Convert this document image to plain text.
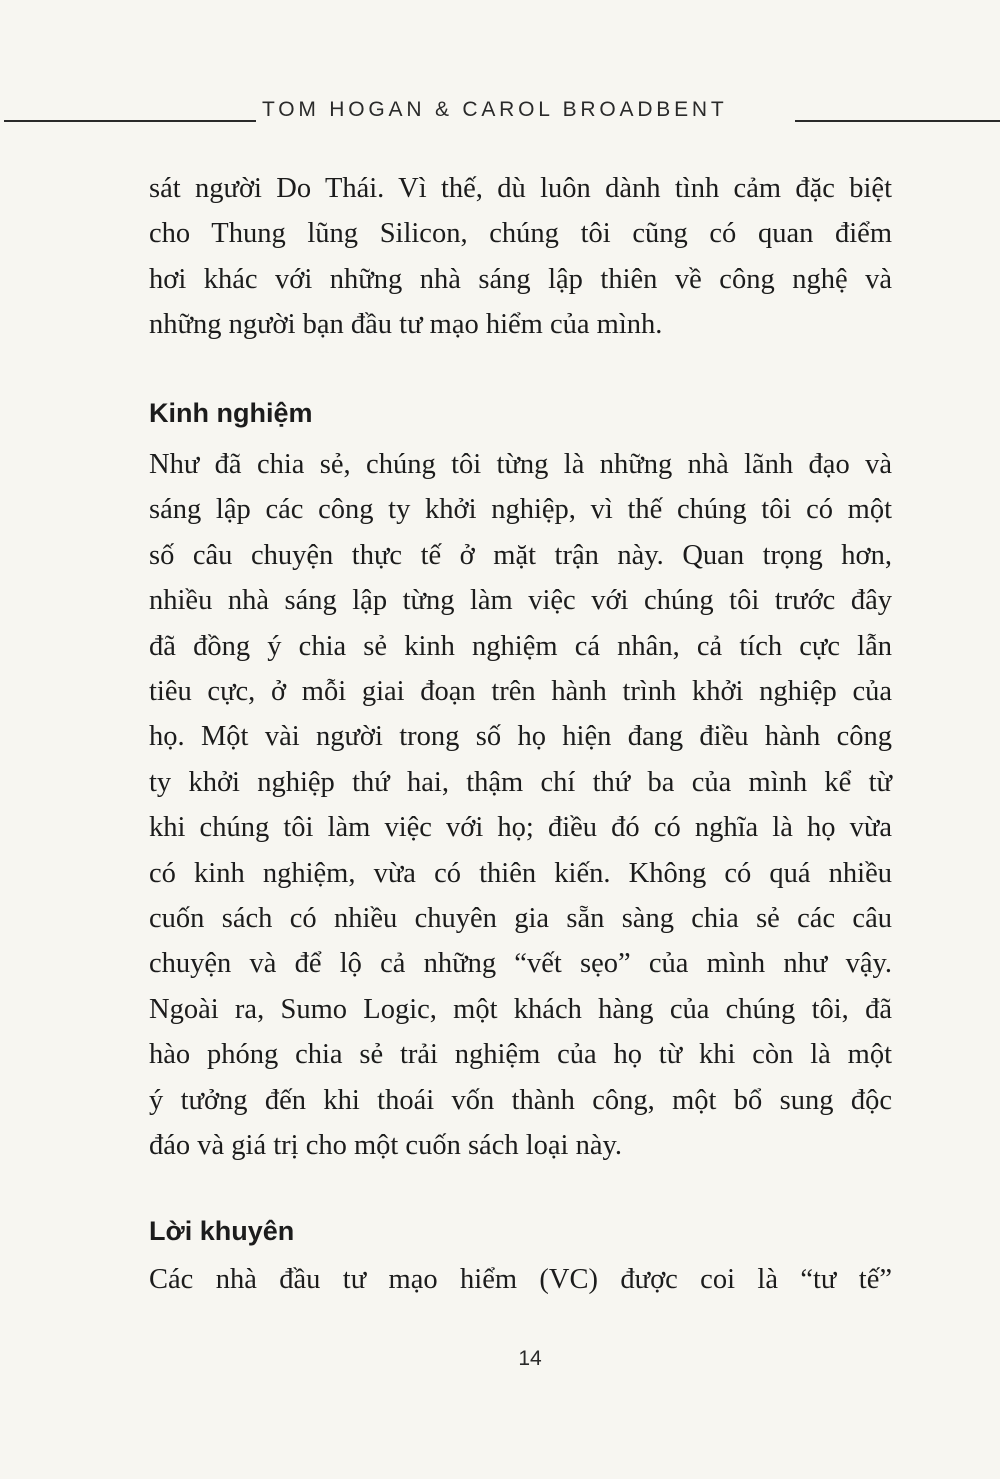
TOM HOGAN & CAROL BROADBENT

sát người Do Thái. Vì thế, dù luôn dành tình cảm đặc biệt

cho Thung lũng Silicon, chúng tôi cũng có quan điểm

hơi khác với những nhà sáng lập thiên về công nghệ và

những người bạn đầu tư mạo hiểm của mình.

Kinh nghiệm

Như đã chia sẻ, chúng tôi từng là những nhà lãnh đạo và

sáng lập các công ty khởi nghiệp, vì thế chúng tôi có một

số câu chuyện thực tế ở mặt trận này. Quan trọng hơn,

nhiều nhà sáng lập từng làm việc với chúng tôi trước đây

đã đồng ý chia sẻ kinh nghiệm cá nhân, cả tích cực lẫn

tiêu cực, ở mỗi giai đoạn trên hành trình khởi nghiệp của

họ. Một vài người trong số họ hiện đang điều hành công

ty khởi nghiệp thứ hai, thậm chí thứ ba của mình kể từ

khi chúng tôi làm việc với họ; điều đó có nghĩa là họ vừa

có kinh nghiệm, vừa có thiên kiến. Không có quá nhiều

cuốn sách có nhiều chuyên gia sẵn sàng chia sẻ các câu

chuyện và để lộ cả những “vết sẹo” của mình như vậy.

Ngoài ra, Sumo Logic, một khách hàng của chúng tôi, đã

hào phóng chia sẻ trải nghiệm của họ từ khi còn là một

ý tưởng đến khi thoái vốn thành công, một bổ sung độc

đáo và giá trị cho một cuốn sách loại này.

Lời khuyên

Các nhà đầu tư mạo hiểm (VC) được coi là “tư tế”

14
